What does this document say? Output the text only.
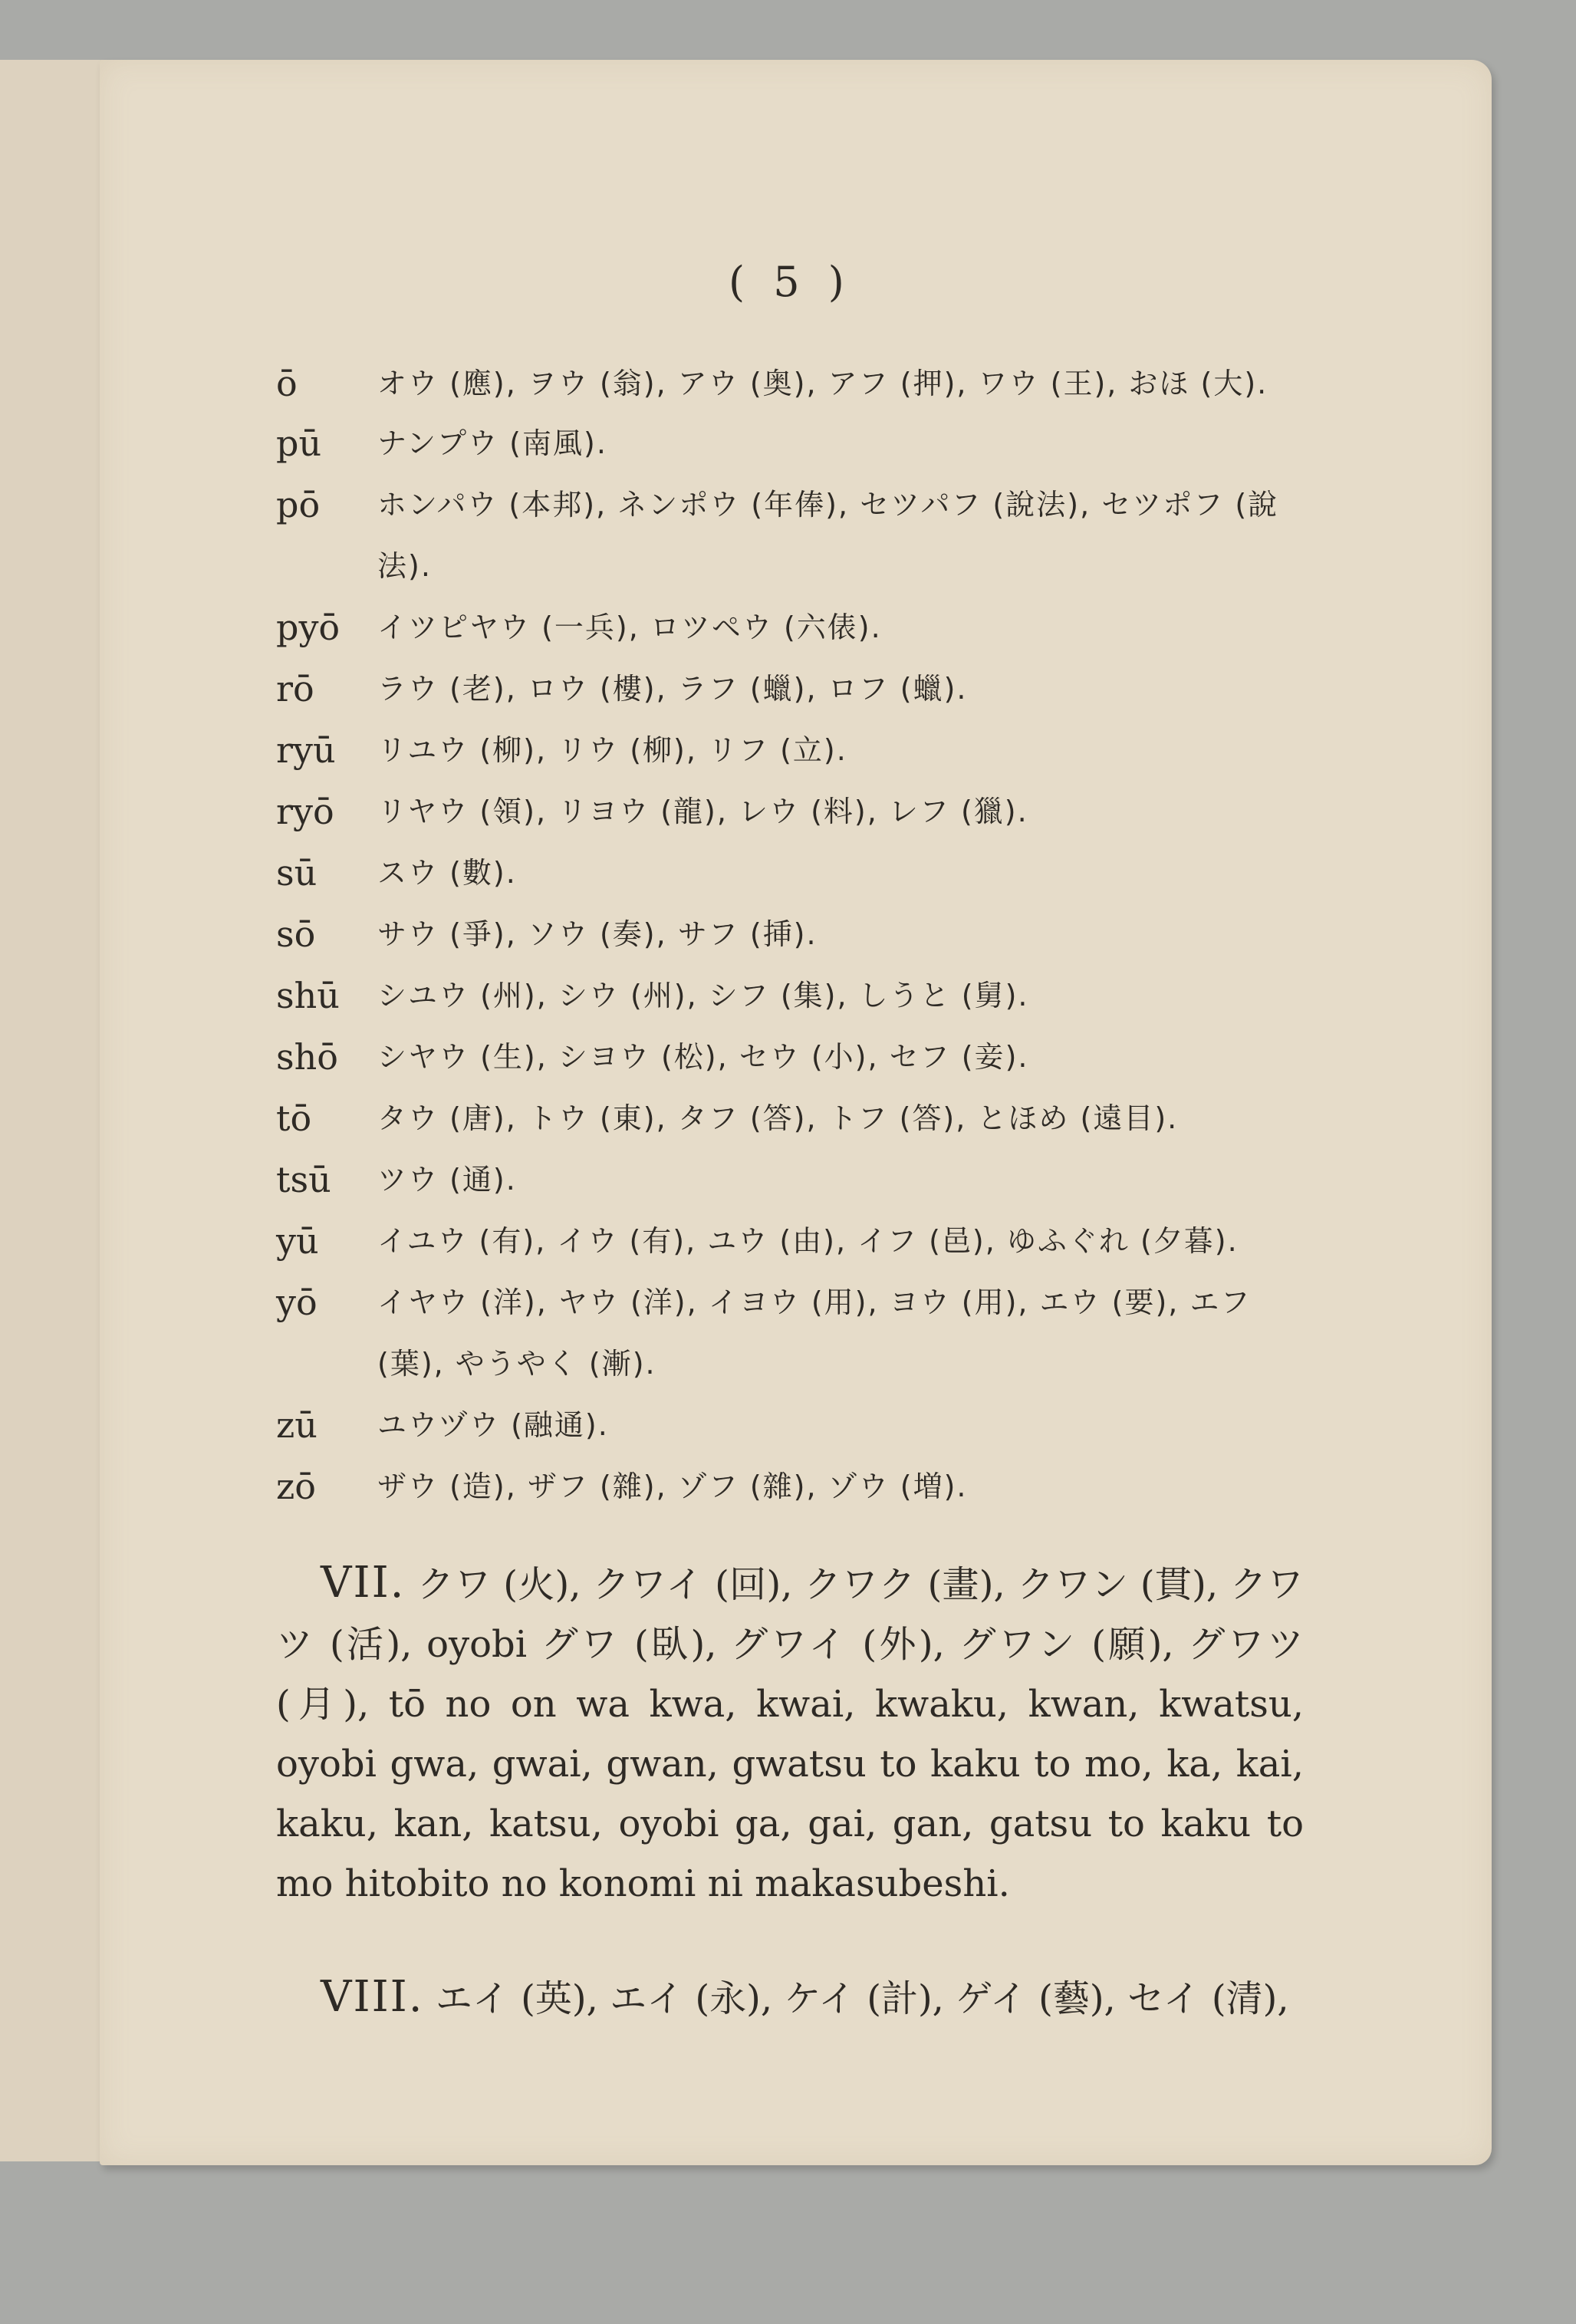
( 5 )
ō	オウ (應), ヲウ (翁), アウ (奥), アフ (押), ワウ (王), おほ (大).
pū	ナンプウ (南風).
pō	ホンパウ (本邦), ネンポウ (年俸), セツパフ (說法), セツポフ (說法).
pyō	イツピヤウ (一兵), ロツペウ (六俵).
rō	ラウ (老), ロウ (樓), ラフ (蠟), ロフ (蠟).
ryū	リユウ (柳), リウ (柳), リフ (立).
ryō	リヤウ (領), リヨウ (龍), レウ (料), レフ (獵).
sū	スウ (數).
sō	サウ (爭), ソウ (奏), サフ (挿).
shū	シユウ (州), シウ (州), シフ (集), しうと (舅).
shō	シヤウ (生), シヨウ (松), セウ (小), セフ (妾).
tō	タウ (唐), トウ (東), タフ (答), トフ (答), とほめ (遠目).
tsū	ツウ (通).
yū	イユウ (有), イウ (有), ユウ (由), イフ (邑), ゆふぐれ (夕暮).
yō	イヤウ (洋), ヤウ (洋), イヨウ (用), ヨウ (用), エウ (要), エフ (葉), やうやく (漸).
zū	ユウヅウ (融通).
zō	ザウ (造), ザフ (雜), ゾフ (雜), ゾウ (増).
VII. クワ (火), クワイ (回), クワク (畫), クワン (貫), クワツ (活), oyobi グワ (臥), グワイ (外), グワン (願), グワツ (月), tō no on wa kwa, kwai, kwaku, kwan, kwatsu, oyobi gwa, gwai, gwan, gwatsu to kaku to mo, ka, kai, kaku, kan, katsu, oyobi ga, gai, gan, gatsu to kaku to mo hitobito no konomi ni makasubeshi.
VIII. エイ (英), エイ (永), ケイ (計), ゲイ (藝), セイ (清),
